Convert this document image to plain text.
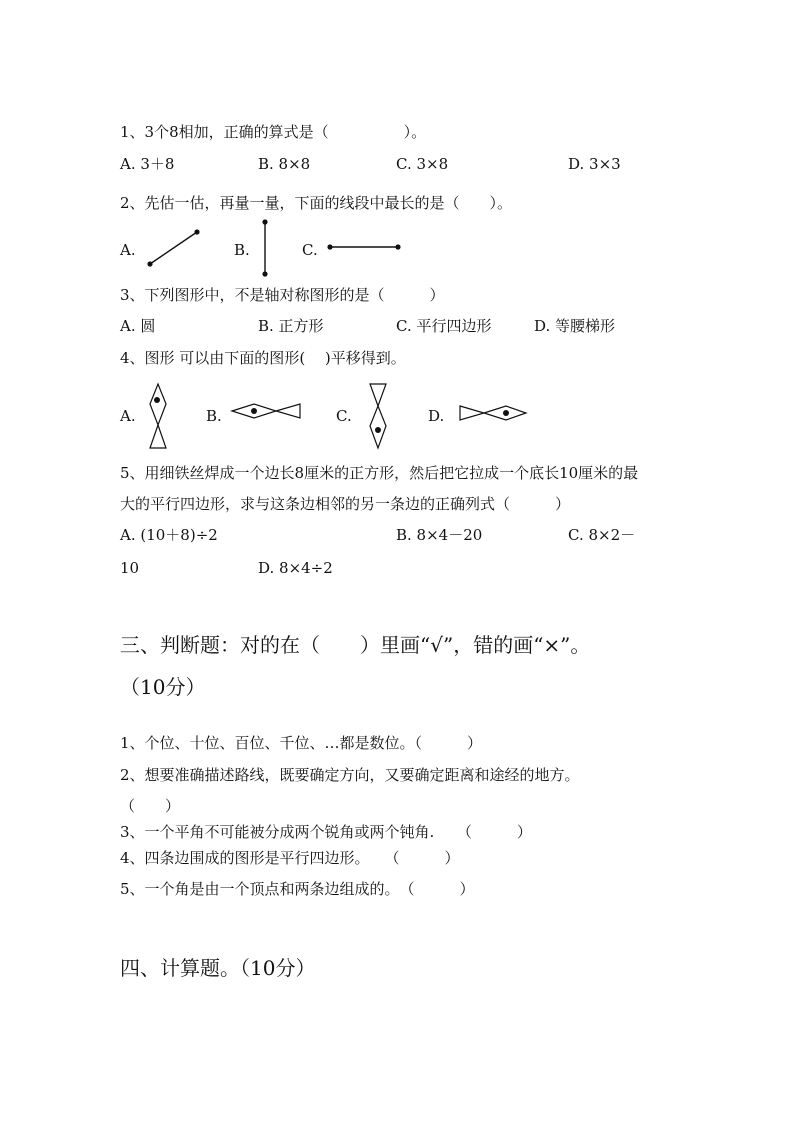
1、3个8相加，正确的算式是（　　　　　）。
A. 3＋8	B. 8×8	C. 3×8	D. 3×3
2、先估一估，再量一量，下面的线段中最长的是（　　）。
A.	B.	C.
3、下列图形中，不是轴对称图形的是（　　　）
A. 圆	B. 正方形	C. 平行四边形	D. 等腰梯形
4、图形 可以由下面的图形(　 )平移得到。
A.	B.	C.	D.
5、用细铁丝焊成一个边长8厘米的正方形，然后把它拉成一个底长10厘米的最
大的平行四边形，求与这条边相邻的另一条边的正确列式（　　　）
A. (10＋8)÷2	B. 8×4－20	C. 8×2－
10	D. 8×4÷2
三、判断题：对的在（　　）里画“√”，错的画“×”。
（10分）
1、个位、十位、百位、千位、…都是数位。（　　　）
2、想要准确描述路线，既要确定方向，又要确定距离和途经的地方。
（　　）
3、一个平角不可能被分成两个锐角或两个钝角.　　（　　　）
4、四条边围成的图形是平行四边形。　　（　　　）
5、一个角是由一个顶点和两条边组成的。　（　　　）
四、计算题。（10分）
